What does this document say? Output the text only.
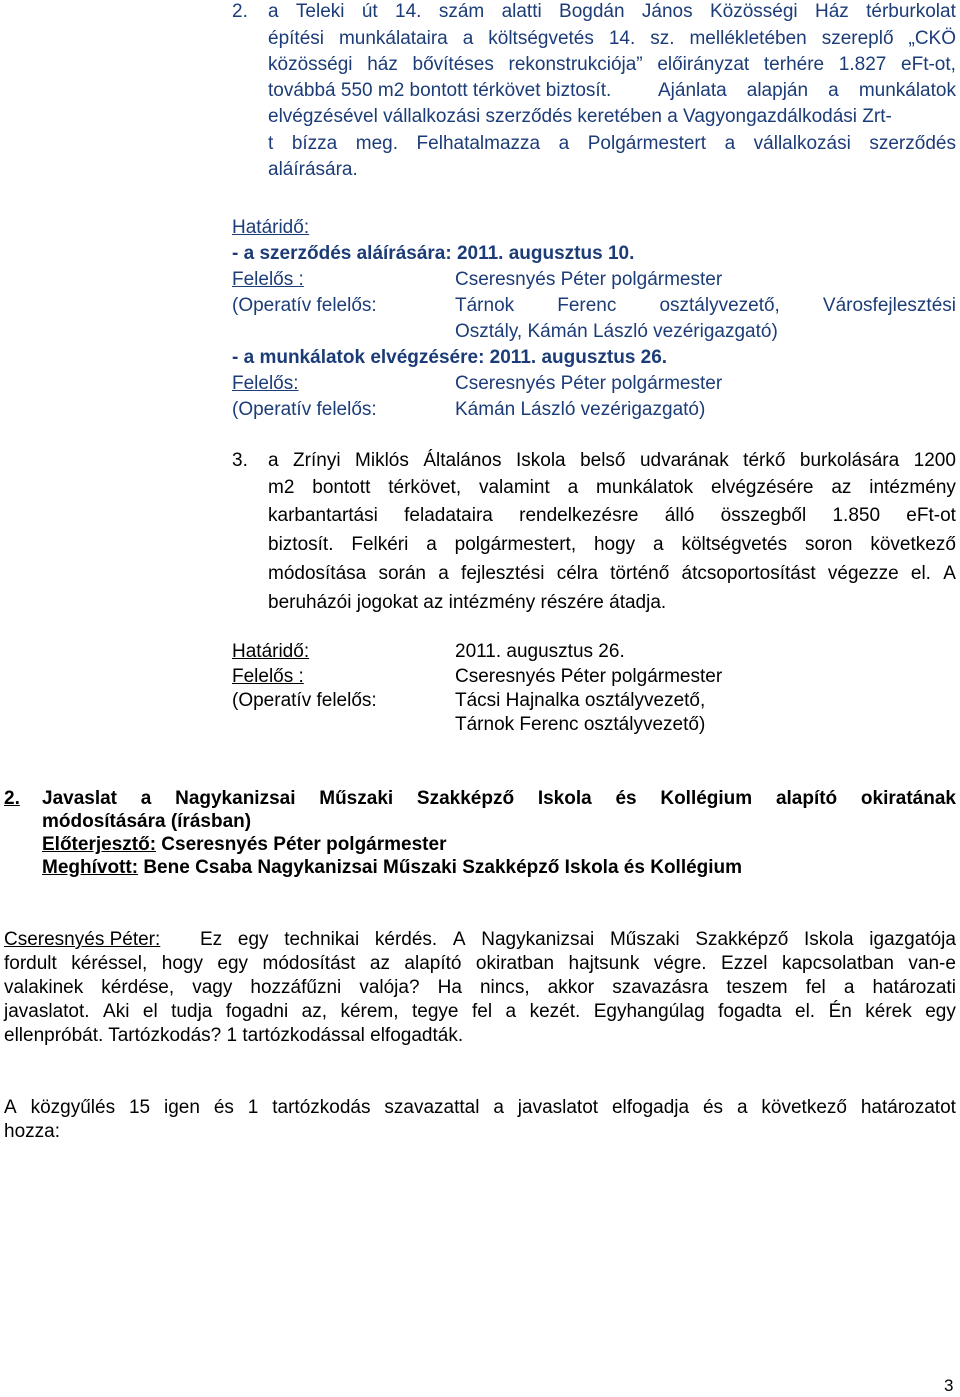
2. a Teleki út 14. szám alatti Bogdán János Közösségi Ház térburkolat
építési munkálataira a költségvetés 14. sz. mellékletében szereplő „CKÖ
közösségi ház bővítéses rekonstrukciója” előirányzat terhére 1.827 eFt-ot,
továbbá 550 m2 bontott térkövet biztosít. Ajánlata alapján a munkálatok
elvégzésével vállalkozási szerződés keretében a Vagyongazdálkodási Zrt-
t bízza meg. Felhatalmazza a Polgármestert a vállalkozási szerződés
aláírására.
Határidő:
- a szerződés aláírására: 2011. augusztus 10.
Felelős :	Cseresnyés Péter polgármester
(Operatív felelős:	Tárnok Ferenc osztályvezető, Városfejlesztési
Osztály, Kámán László vezérigazgató)
- a munkálatok elvégzésére: 2011. augusztus 26.
Felelős:	Cseresnyés Péter polgármester
(Operatív felelős:	Kámán László vezérigazgató)
3. a Zrínyi Miklós Általános Iskola belső udvarának térkő burkolására 1200
m2 bontott térkövet, valamint a munkálatok elvégzésére az intézmény
karbantartási feladataira rendelkezésre álló összegből 1.850 eFt-ot
biztosít. Felkéri a polgármestert, hogy a költségvetés soron következő
módosítása során a fejlesztési célra történő átcsoportosítást végezze el. A
beruházói jogokat az intézmény részére átadja.
Határidő:	2011. augusztus 26.
Felelős :	Cseresnyés Péter polgármester
(Operatív felelős:	Tácsi Hajnalka osztályvezető,
Tárnok Ferenc osztályvezető)
2. Javaslat a Nagykanizsai Műszaki Szakképző Iskola és Kollégium alapító okiratának
módosítására (írásban)
Előterjesztő: Cseresnyés Péter polgármester
Meghívott: Bene Csaba Nagykanizsai Műszaki Szakképző Iskola és Kollégium
Cseresnyés Péter: Ez egy technikai kérdés. A Nagykanizsai Műszaki Szakképző Iskola igazgatója
fordult kéréssel, hogy egy módosítást az alapító okiratban hajtsunk végre. Ezzel kapcsolatban van-e
valakinek kérdése, vagy hozzáfűzni valója? Ha nincs, akkor szavazásra teszem fel a határozati
javaslatot. Aki el tudja fogadni az, kérem, tegye fel a kezét. Egyhangúlag fogadta el. Én kérek egy
ellenpróbát. Tartózkodás? 1 tartózkodással elfogadták.
A közgyűlés 15 igen és 1 tartózkodás szavazattal a javaslatot elfogadja és a következő határozatot
hozza:
3
